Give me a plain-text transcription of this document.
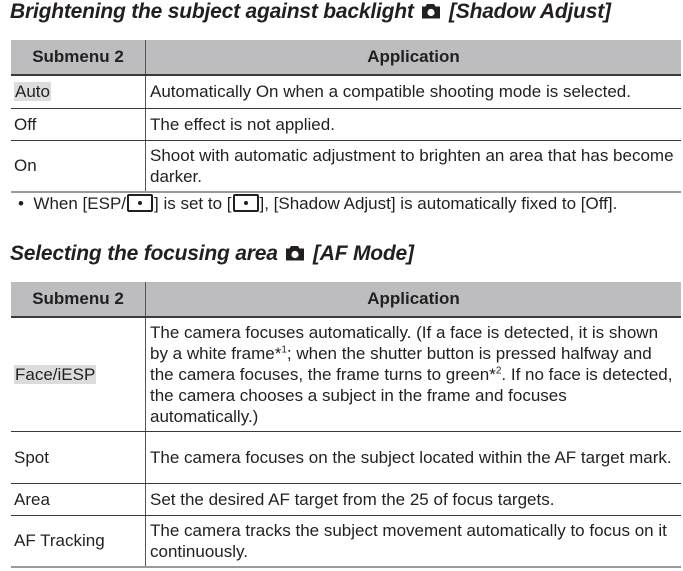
Brightening the subject against backlight [Shadow Adjust]
Submenu 2	Application
Auto	Automatically On when a compatible shooting mode is selected.
Off	The effect is not applied.
On	Shoot with automatic adjustment to brighten an area that has become darker.
• When [ESP/ ] is set to [ ], [Shadow Adjust] is automatically fixed to [Off].
Selecting the focusing area [AF Mode]
Submenu 2	Application
Face/iESP	The camera focuses automatically. (If a face is detected, it is shown by a white frame*$^1$; when the shutter button is pressed halfway and the camera focuses, the frame turns to green*$^2$. If no face is detected, the camera chooses a subject in the frame and focuses automatically.)
Spot	The camera focuses on the subject located within the AF target mark.
Area	Set the desired AF target from the 25 of focus targets.
AF Tracking	The camera tracks the subject movement automatically to focus on it continuously.
